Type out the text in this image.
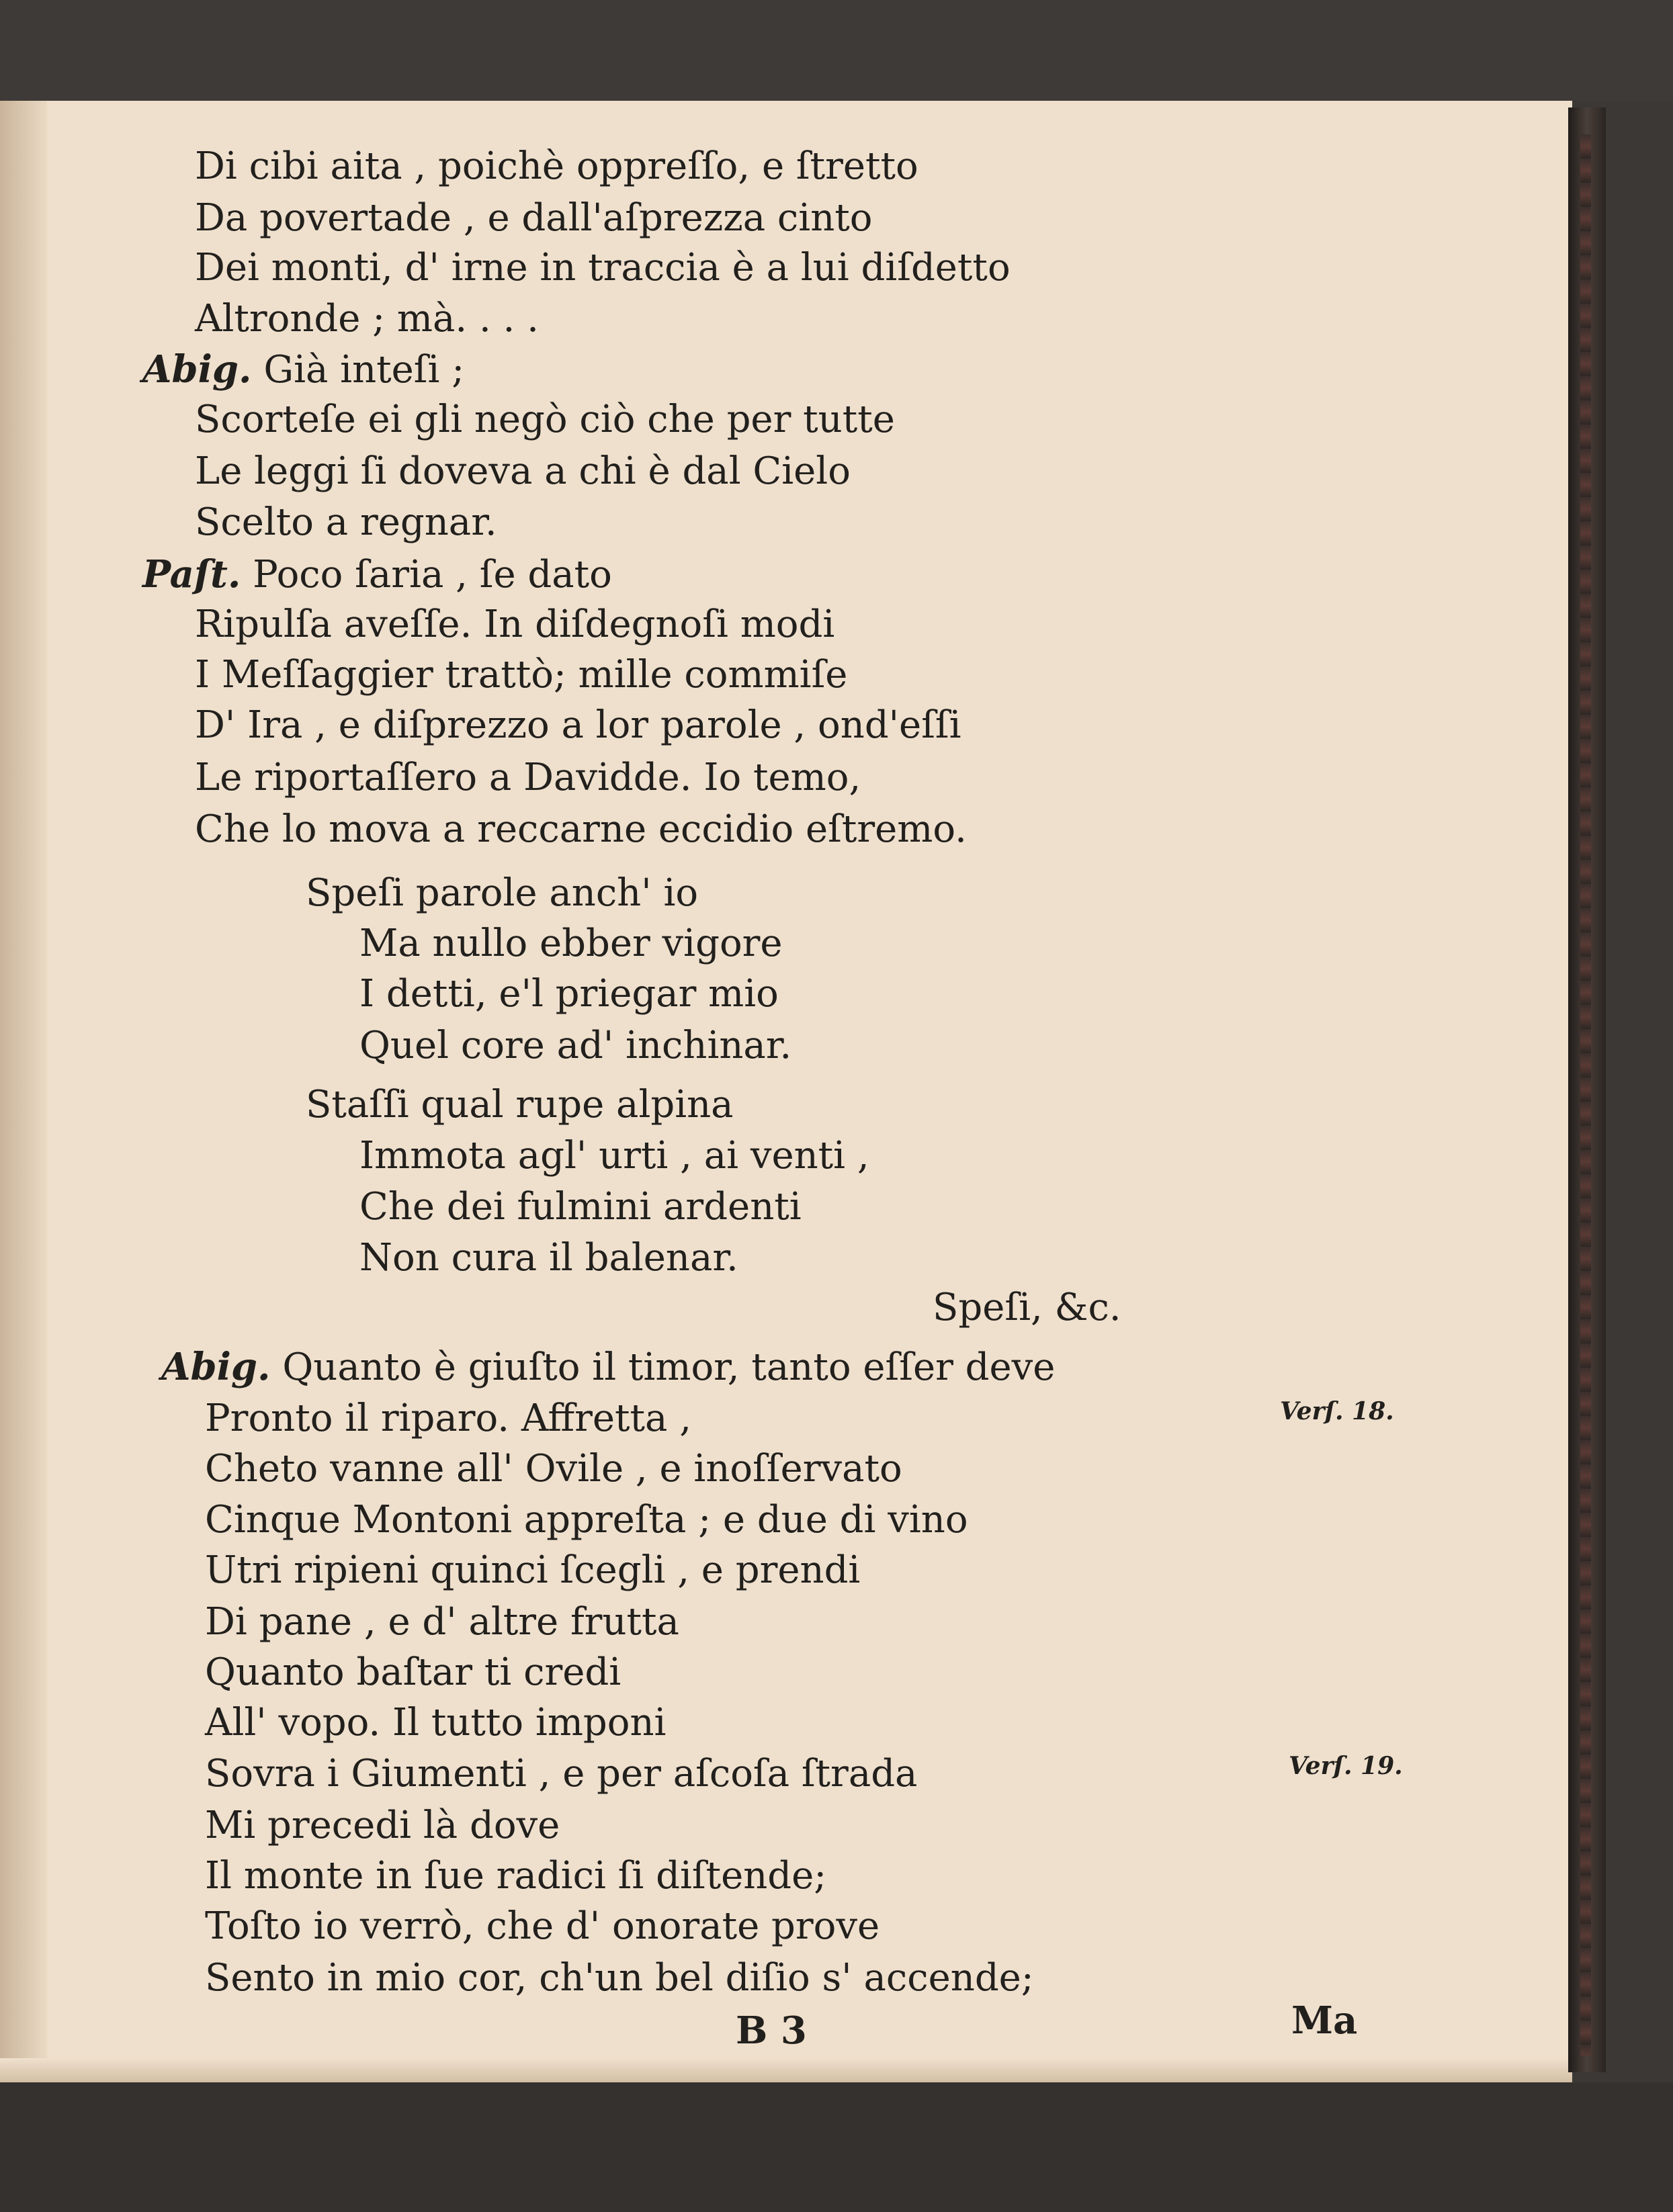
Di cibi aita , poichè oppreſſo, e ſtretto
Da povertade , e dall'aſprezza cinto
Dei monti, d' irne in traccia è a lui diſdetto
Altronde ; mà. . . .
Abig. Già inteſi ;
Scorteſe ei gli negò ciò che per tutte
Le leggi ſi doveva a chi è dal Cielo
Scelto a regnar.
Paſt. Poco ſaria , ſe dato
Ripulſa aveſſe. In diſdegnoſi modi
I Meſſaggier trattò; mille commiſe
D' Ira , e diſprezzo a lor parole , ond'eſſi
Le riportaſſero a Davidde. Io temo,
Che lo mova a reccarne eccidio eſtremo.
Speſi parole anch' io
Ma nullo ebber vigore
I detti, e'l priegar mio
Quel core ad' inchinar.
Staſſi qual rupe alpina
Immota agl' urti , ai venti ,
Che dei fulmini ardenti
Non cura il balenar.
Speſi, &c.
Abig. Quanto è giuſto il timor, tanto eſſer deve
Pronto il riparo. Affretta ,
Cheto vanne all' Ovile , e inoſſervato
Cinque Montoni appreſta ; e due di vino
Utri ripieni quinci ſcegli , e prendi
Di pane , e d' altre frutta
Quanto baſtar ti credi
All' vopo. Il tutto imponi
Sovra i Giumenti , e per aſcoſa ſtrada
Mi precedi là dove
Il monte in ſue radici ſi diſtende;
Toſto io verrò, che d' onorate prove
Sento in mio cor, ch'un bel diſio s' accende;
Verſ. 18.
Verſ. 19.
B 3	Ma
